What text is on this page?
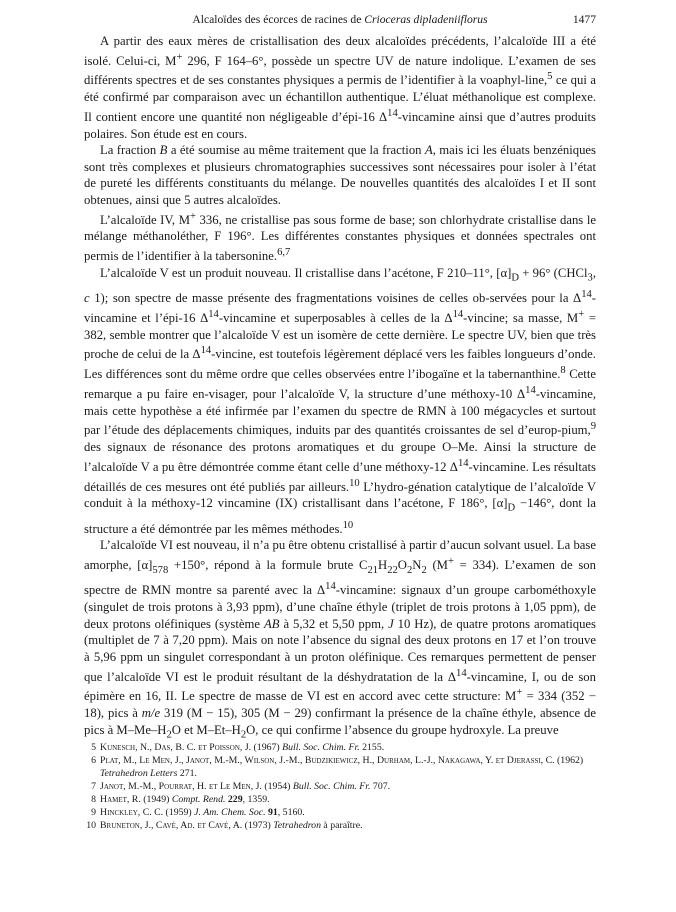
Alcaloïdes des écorces de racines de Crioceras dipladeniiflorus	1477

A partir des eaux mères de cristallisation des deux alcaloïdes précédents, l’alcaloïde III a été isolé. Celui-ci, M+ 296, F 164–6°, possède un spectre UV de nature indolique. L’examen de ses différents spectres et de ses constantes physiques a permis de l’identifier à la voaphyl-line,$^5$ ce qui a été confirmé par comparaison avec un échantillon authentique. L’éluat méthanolique est complexe. Il contient encore une quantité non négligeable d’épi-16 $\Delta^{14}$-vincamine ainsi que d’autres produits polaires. Son étude est en cours.

La fraction B a été soumise au même traitement que la fraction A, mais ici les éluats benzéniques sont très complexes et plusieurs chromatographies successives sont nécessaires pour isoler à l’état de pureté les différents constituants du mélange. De nouvelles quantités des alcaloïdes I et II sont obtenues, ainsi que 5 autres alcaloïdes.

L’alcaloïde IV, M+ 336, ne cristallise pas sous forme de base; son chlorhydrate cristallise dans le mélange méthanoléther, F 196°. Les différentes constantes physiques et données spectrales ont permis de l’identifier à la tabersonine.$^{6,7}$

L’alcaloïde V est un produit nouveau. Il cristallise dans l’acétone, F 210–11°, $[\alpha]_D + 96^\circ$ (CHCl$_3$, c 1); son spectre de masse présente des fragmentations voisines de celles ob-servées pour la $\Delta^{14}$-vincamine et l’épi-16 $\Delta^{14}$-vincamine et superposables à celles de la $\Delta^{14}$-vincine; sa masse, M+ = 382, semble montrer que l’alcaloïde V est un isomère de cette dernière. Le spectre UV, bien que très proche de celui de la $\Delta^{14}$-vincine, est toutefois légèrement déplacé vers les faibles longueurs d’onde. Les différences sont du même ordre que celles observées entre l’ibogaïne et la tabernanthine.$^8$ Cette remarque a pu faire en-visager, pour l’alcaloïde V, la structure d’une méthoxy-10 $\Delta^{14}$-vincamine, mais cette hypothèse a été infirmée par l’examen du spectre de RMN à 100 mégacycles et surtout par l’étude des déplacements chimiques, induits par des quantités croissantes de sel d’europ-pium,$^9$ des signaux de résonance des protons aromatiques et du groupe O–Me. Ainsi la structure de l’alcaloïde V a pu être démontrée comme étant celle d’une méthoxy-12 $\Delta^{14}$-vincamine. Les résultats détaillés de ces mesures ont été publiés par ailleurs.$^{10}$ L’hydro-génation catalytique de l’alcaloïde V conduit à la méthoxy-12 vincamine (IX) cristallisant dans l’acétone, F 186°, $[\alpha]_D -146^\circ$, dont la structure a été démontrée par les mêmes méthodes.$^{10}$

L’alcaloïde VI est nouveau, il n’a pu être obtenu cristallisé à partir d’aucun solvant usuel. La base amorphe, $[\alpha]_{578} +150^\circ$, répond à la formule brute $C_{21}H_{22}O_2N_2$ (M+ = 334). L’examen de son spectre de RMN montre sa parenté avec la $\Delta^{14}$-vincamine: signaux d’un groupe carbométhoxyle (singulet de trois protons à 3,93 ppm), d’une chaîne éthyle (triplet de trois protons à 1,05 ppm), de deux protons oléfiniques (système AB à 5,32 et 5,50 ppm, J 10 Hz), de quatre protons aromatiques (multiplet de 7 à 7,20 ppm). Mais on note l’absence du signal des deux protons en 17 et l’on trouve à 5,96 ppm un singulet correspondant à un proton oléfinique. Ces remarques permettent de penser que l’alcaloïde VI est le produit résultant de la déshydratation de la $\Delta^{14}$-vincamine, I, ou de son épimère en 16, II. Le spectre de masse de VI est en accord avec cette structure: M+ = 334 (352 − 18), pics à m/e 319 (M − 15), 305 (M − 29) confirmant la présence de la chaîne éthyle, absence de pics à $M-Me-H_2O$ et $M-Et-H_2O$, ce qui confirme l’absence du groupe hydroxyle. La preuve

5 Kunesch, N., Das, B. C. et Poisson, J. (1967) Bull. Soc. Chim. Fr. 2155.
6 Plat, M., Le Men, J., Janot, M.-M., Wilson, J.-M., Budzikiewicz, H., Durham, L.-J., Nakagawa, Y. et Djerassi, C. (1962) Tetrahedron Letters 271.
7 Janot, M.-M., Pourrat, H. et Le Men, J. (1954) Bull. Soc. Chim. Fr. 707.
8 Hamet, R. (1949) Compt. Rend. 229, 1359.
9 Hinckley, C. C. (1959) J. Am. Chem. Soc. 91, 5160.
10 Bruneton, J., Cavé, Ad. et Cavé, A. (1973) Tetrahedron à paraître.
